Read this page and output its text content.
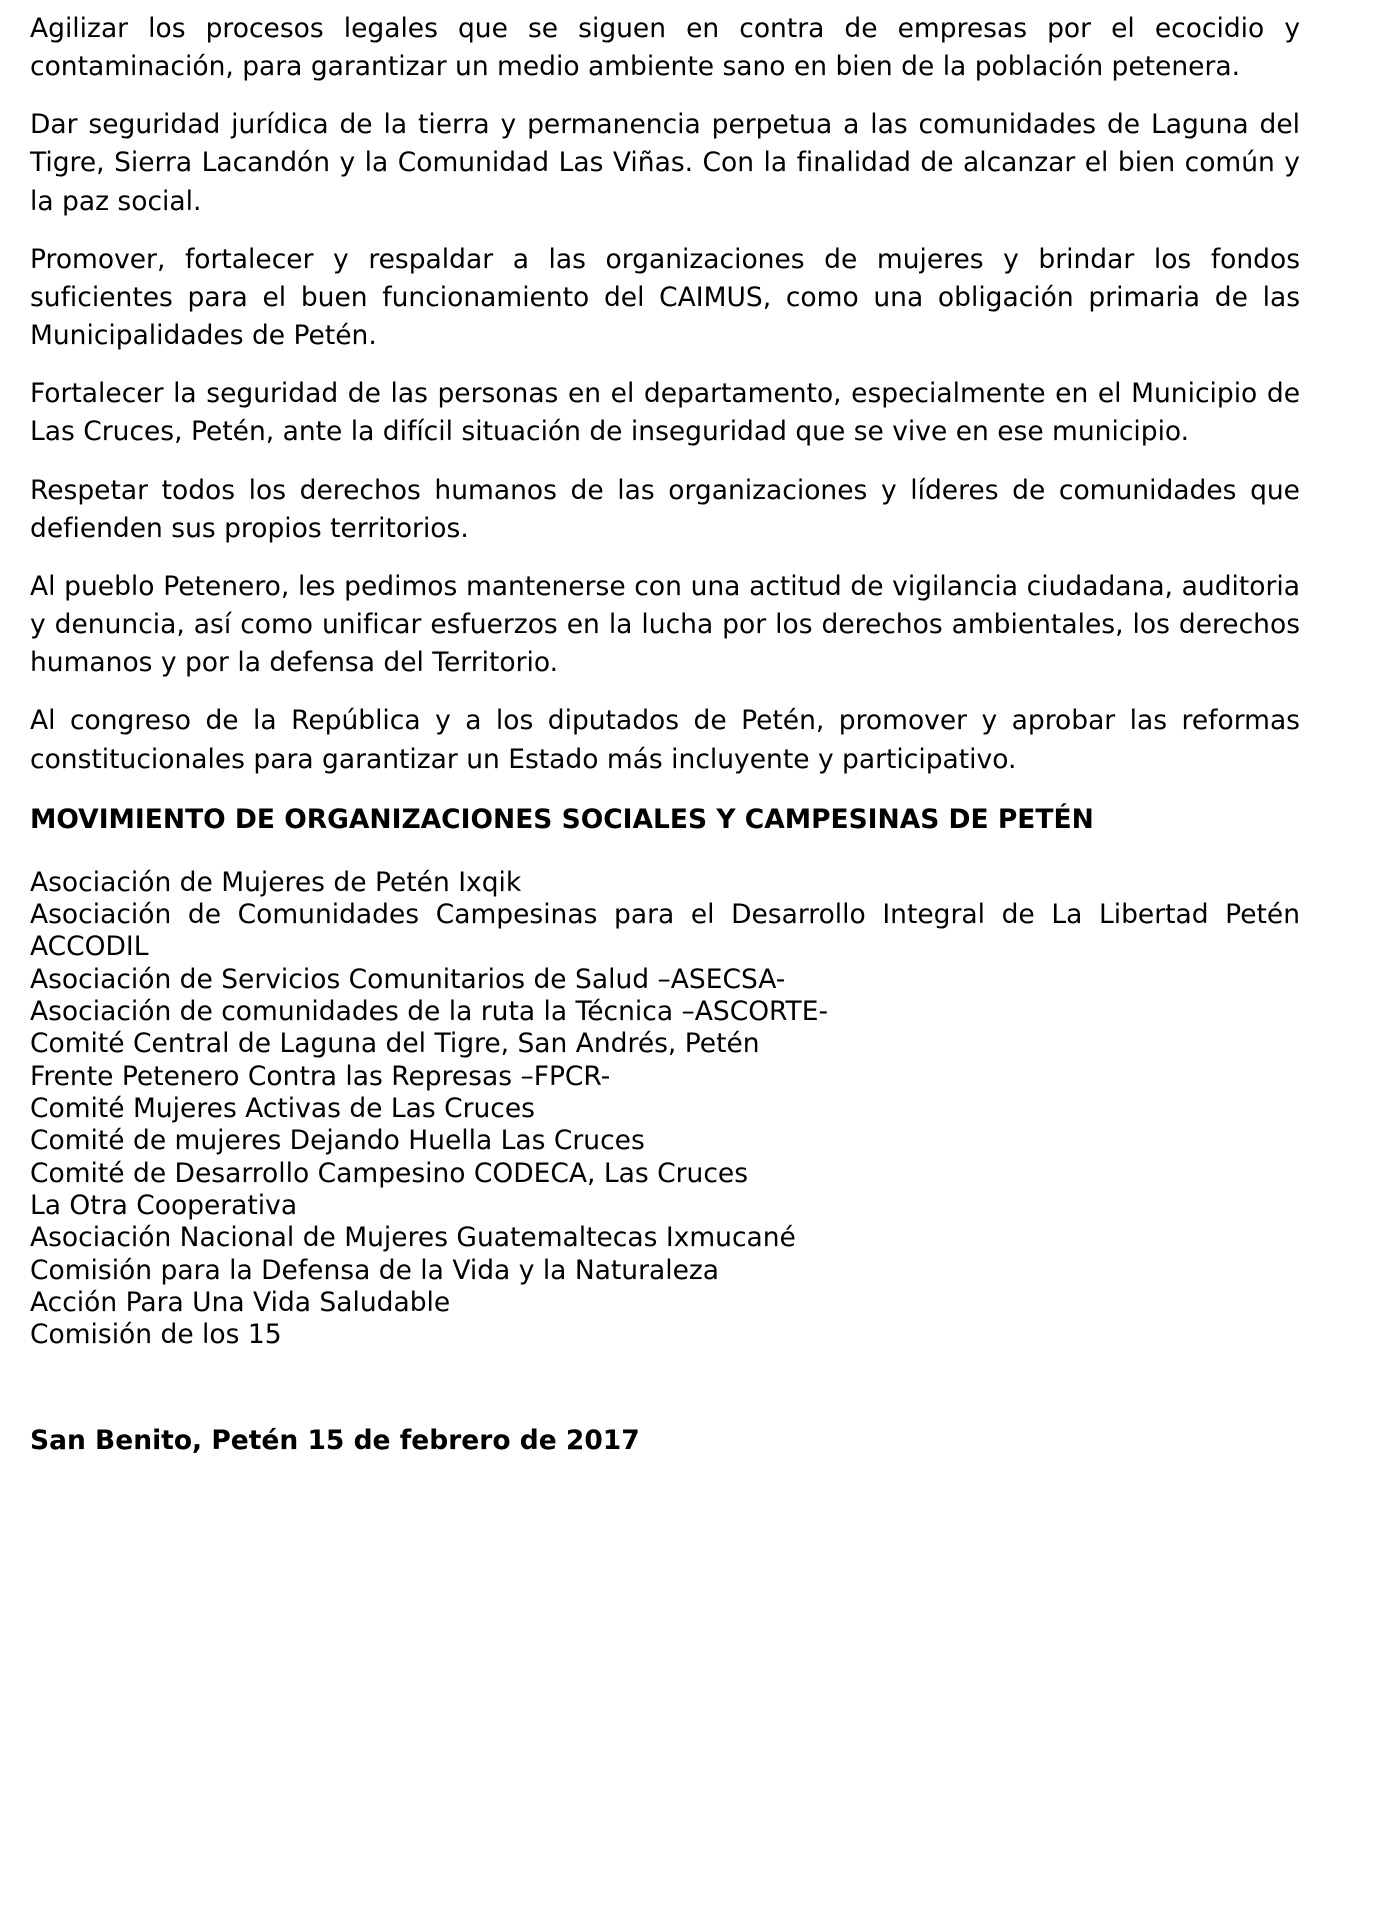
Agilizar los procesos legales que se siguen en contra de empresas por el ecocidio y contaminación, para garantizar un medio ambiente sano en bien de la población petenera.

Dar seguridad jurídica de la tierra y permanencia perpetua a las comunidades de Laguna del Tigre, Sierra Lacandón y la Comunidad Las Viñas. Con la finalidad de alcanzar el bien común y la paz social.

Promover, fortalecer y respaldar a las organizaciones de mujeres y brindar los fondos suficientes para el buen funcionamiento del CAIMUS, como una obligación primaria de las Municipalidades de Petén.

Fortalecer la seguridad de las personas en el departamento, especialmente en el Municipio de Las Cruces, Petén, ante la difícil situación de inseguridad que se vive en ese municipio.

Respetar todos los derechos humanos de las organizaciones y líderes de comunidades que defienden sus propios territorios.

Al pueblo Petenero, les pedimos mantenerse con una actitud de vigilancia ciudadana, auditoria y denuncia, así como unificar esfuerzos en la lucha por los derechos ambientales, los derechos humanos y por la defensa del Territorio.

Al congreso de la República y a los diputados de Petén, promover y aprobar las reformas constitucionales para garantizar un Estado más incluyente y participativo.

MOVIMIENTO DE ORGANIZACIONES SOCIALES Y CAMPESINAS DE PETÉN
Asociación de Mujeres de Petén Ixqik
Asociación de Comunidades Campesinas para el Desarrollo Integral de La Libertad Petén ACCODIL
Asociación de Servicios Comunitarios de Salud –ASECSA-
Asociación de comunidades de la ruta la Técnica –ASCORTE-
Comité Central de Laguna del Tigre, San Andrés, Petén
Frente Petenero Contra las Represas –FPCR-
Comité Mujeres Activas de Las Cruces
Comité de mujeres Dejando Huella Las Cruces
Comité de Desarrollo Campesino CODECA, Las Cruces
La Otra Cooperativa
Asociación Nacional de Mujeres Guatemaltecas Ixmucané
Comisión para la Defensa de la Vida y la Naturaleza
Acción Para Una Vida Saludable
Comisión de los 15

San Benito, Petén 15 de febrero de 2017
